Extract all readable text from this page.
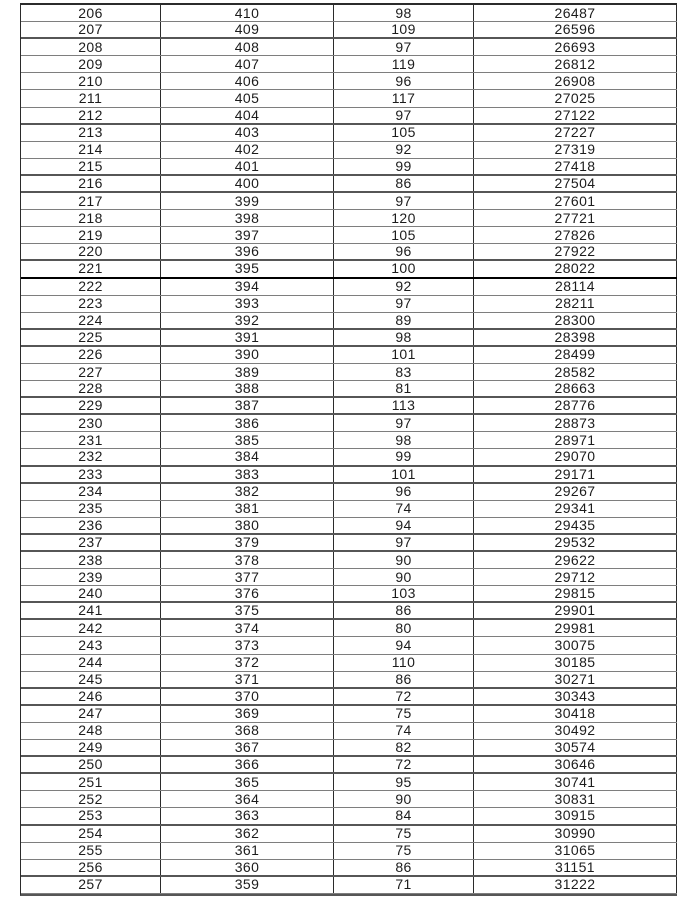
206	410	98	26487
207	409	109	26596
208	408	97	26693
209	407	119	26812
210	406	96	26908
211	405	117	27025
212	404	97	27122
213	403	105	27227
214	402	92	27319
215	401	99	27418
216	400	86	27504
217	399	97	27601
218	398	120	27721
219	397	105	27826
220	396	96	27922
221	395	100	28022
222	394	92	28114
223	393	97	28211
224	392	89	28300
225	391	98	28398
226	390	101	28499
227	389	83	28582
228	388	81	28663
229	387	113	28776
230	386	97	28873
231	385	98	28971
232	384	99	29070
233	383	101	29171
234	382	96	29267
235	381	74	29341
236	380	94	29435
237	379	97	29532
238	378	90	29622
239	377	90	29712
240	376	103	29815
241	375	86	29901
242	374	80	29981
243	373	94	30075
244	372	110	30185
245	371	86	30271
246	370	72	30343
247	369	75	30418
248	368	74	30492
249	367	82	30574
250	366	72	30646
251	365	95	30741
252	364	90	30831
253	363	84	30915
254	362	75	30990
255	361	75	31065
256	360	86	31151
257	359	71	31222
